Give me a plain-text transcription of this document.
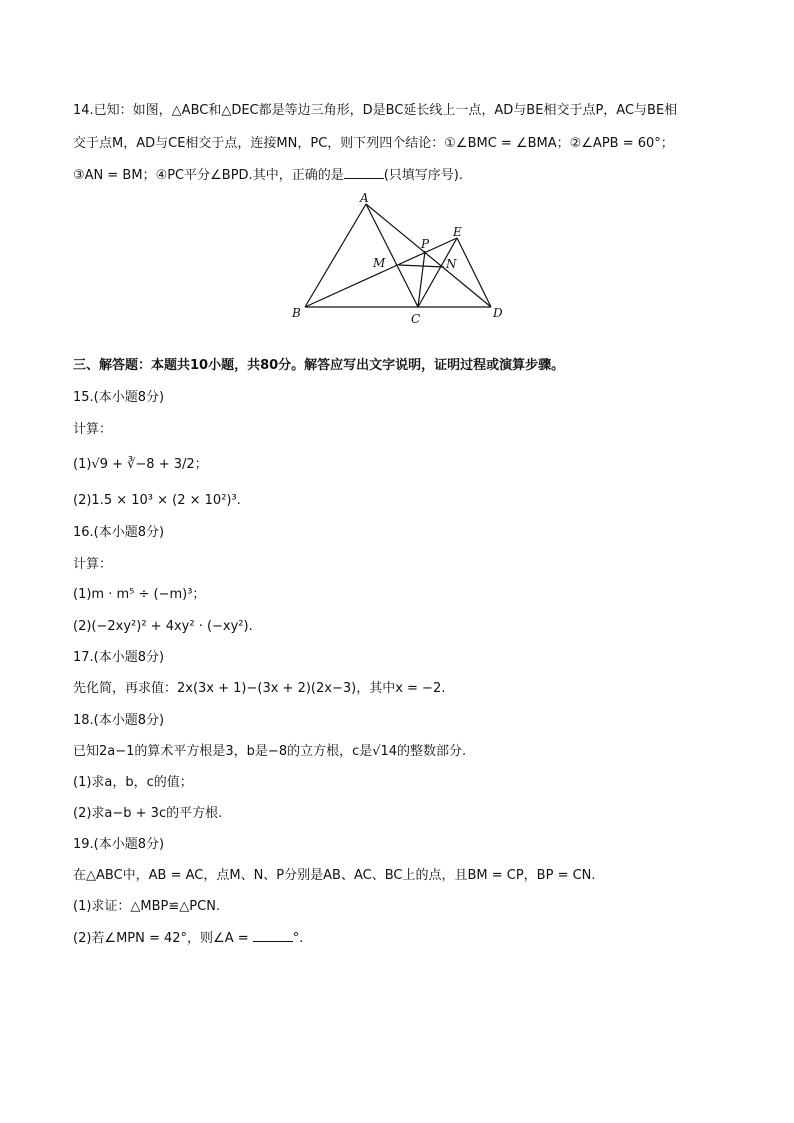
14.已知：如图，△ABC和△DEC都是等边三角形，D是BC延长线上一点，AD与BE相交于点P，AC与BE相
交于点M，AD与CE相交于点，连接MN，PC，则下列四个结论：①∠BMC = ∠BMA；②∠APB = 60°；
③AN = BM；④PC平分∠BPD.其中，正确的是	(只填写序号).
A
B	C	D
E
M	N
P
三、解答题：本题共10小题，共80分。解答应写出文字说明，证明过程或演算步骤。
15.(本小题8分)
计算：
(1)√9 + ∛−8 + 3/2；
(2)1.5 × 10³ × (2 × 10²)³.
16.(本小题8分)
计算：
(1)m · m⁵ ÷ (−m)³；
(2)(−2xy²)² + 4xy² · (−xy²).
17.(本小题8分)
先化简，再求值：2x(3x + 1)−(3x + 2)(2x−3)，其中x = −2.
18.(本小题8分)
已知2a−1的算术平方根是3，b是−8的立方根，c是√14的整数部分.
(1)求a，b，c的值；
(2)求a−b + 3c的平方根.
19.(本小题8分)
在△ABC中，AB = AC，点M、N、P分别是AB、AC、BC上的点，且BM = CP，BP = CN.
(1)求证：△MBP≌△PCN.
(2)若∠MPN = 42°，则∠A =	°.
